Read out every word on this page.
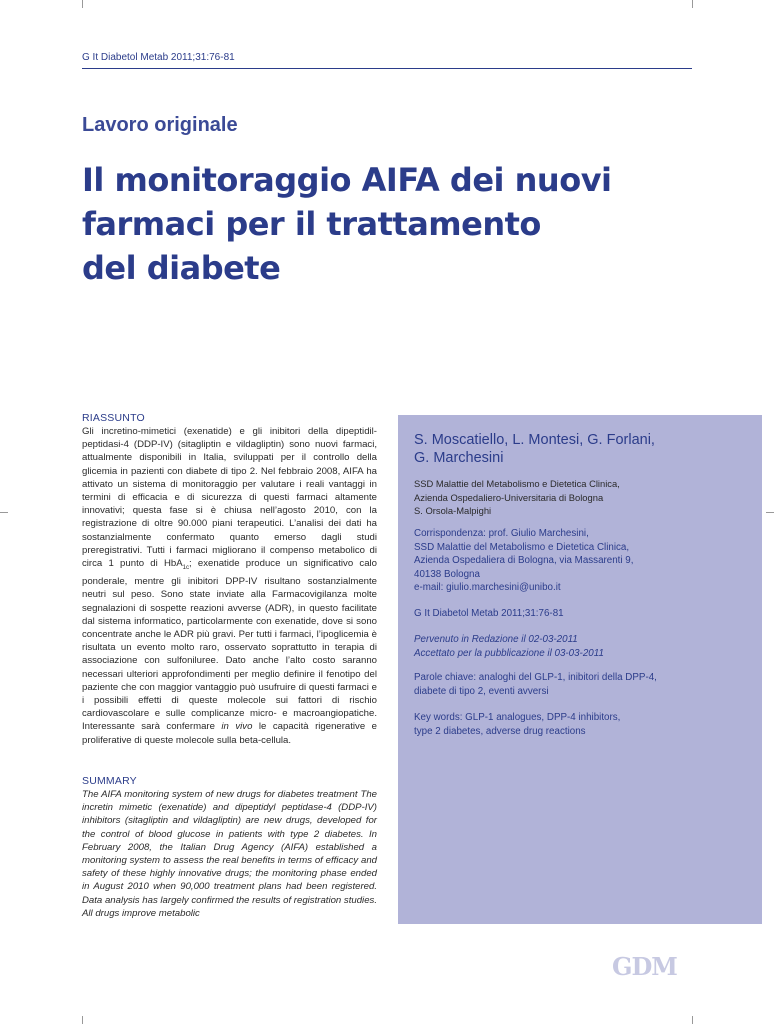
G It Diabetol Metab 2011;31:76-81
Lavoro originale
Il monitoraggio AIFA dei nuovi
farmaci per il trattamento
del diabete
RIASSUNTO

Gli incretino-mimetici (exenatide) e gli inibitori della dipeptidil-peptidasi-4 (DDP-IV) (sitagliptin e vildagliptin) sono nuovi farmaci, attualmente disponibili in Italia, sviluppati per il controllo della glicemia in pazienti con diabete di tipo 2. Nel febbraio 2008, AIFA ha attivato un sistema di monitoraggio per valutare i reali vantaggi in termini di efficacia e di sicurezza di questi farmaci altamente innovativi; questa fase si è chiusa nell’agosto 2010, con la registrazione di oltre 90.000 piani terapeutici. L’analisi dei dati ha sostanzialmente confermato quanto emerso dagli studi preregistrativi. Tutti i farmaci migliorano il compenso metabolico di circa 1 punto di HbA$_{1c}$; exenatide produce un significativo calo ponderale, mentre gli inibitori DPP-IV risultano sostanzialmente neutri sul peso. Sono state inviate alla Farmacovigilanza molte segnalazioni di sospette reazioni avverse (ADR), in questo facilitate dal sistema informatico, particolarmente con exenatide, dove si sono concentrate anche le ADR più gravi. Per tutti i farmaci, l’ipoglicemia è risultata un evento molto raro, osservato soprattutto in terapia di associazione con sulfoniluree. Dato anche l’alto costo saranno necessari ulteriori approfondimenti per meglio definire il fenotipo del paziente che con maggior vantaggio può usufruire di questi farmaci e i possibili effetti di queste molecole sui fattori di rischio cardiovascolare e sulle complicanze micro- e macroangiopatiche. Interessante sarà confermare in vivo le capacità rigenerative e proliferative di queste molecole sulla beta-cellula.

SUMMARY

The AIFA monitoring system of new drugs for diabetes treatment The incretin mimetic (exenatide) and dipeptidyl peptidase-4 (DDP-IV) inhibitors (sitagliptin and vildagliptin) are new drugs, developed for the control of blood glucose in patients with type 2 diabetes. In February 2008, the Italian Drug Agency (AIFA) established a monitoring system to assess the real benefits in terms of efficacy and safety of these highly innovative drugs; the monitoring phase ended in August 2010 when 90,000 treatment plans had been registered. Data analysis has largely confirmed the results of registration studies. All drugs improve metabolic

S. Moscatiello, L. Montesi, G. Forlani,
G. Marchesini

SSD Malattie del Metabolismo e Dietetica Clinica,
Azienda Ospedaliero-Universitaria di Bologna
S. Orsola-Malpighi

Corrispondenza: prof. Giulio Marchesini,
SSD Malattie del Metabolismo e Dietetica Clinica,
Azienda Ospedaliera di Bologna, via Massarenti 9,
40138 Bologna
e-mail: giulio.marchesini@unibo.it

G It Diabetol Metab 2011;31:76-81

Pervenuto in Redazione il 02-03-2011
Accettato per la pubblicazione il 03-03-2011

Parole chiave: analoghi del GLP-1, inibitori della DPP-4,
diabete di tipo 2, eventi avversi

Key words: GLP-1 analogues, DPP-4 inhibitors,
type 2 diabetes, adverse drug reactions

GDM
